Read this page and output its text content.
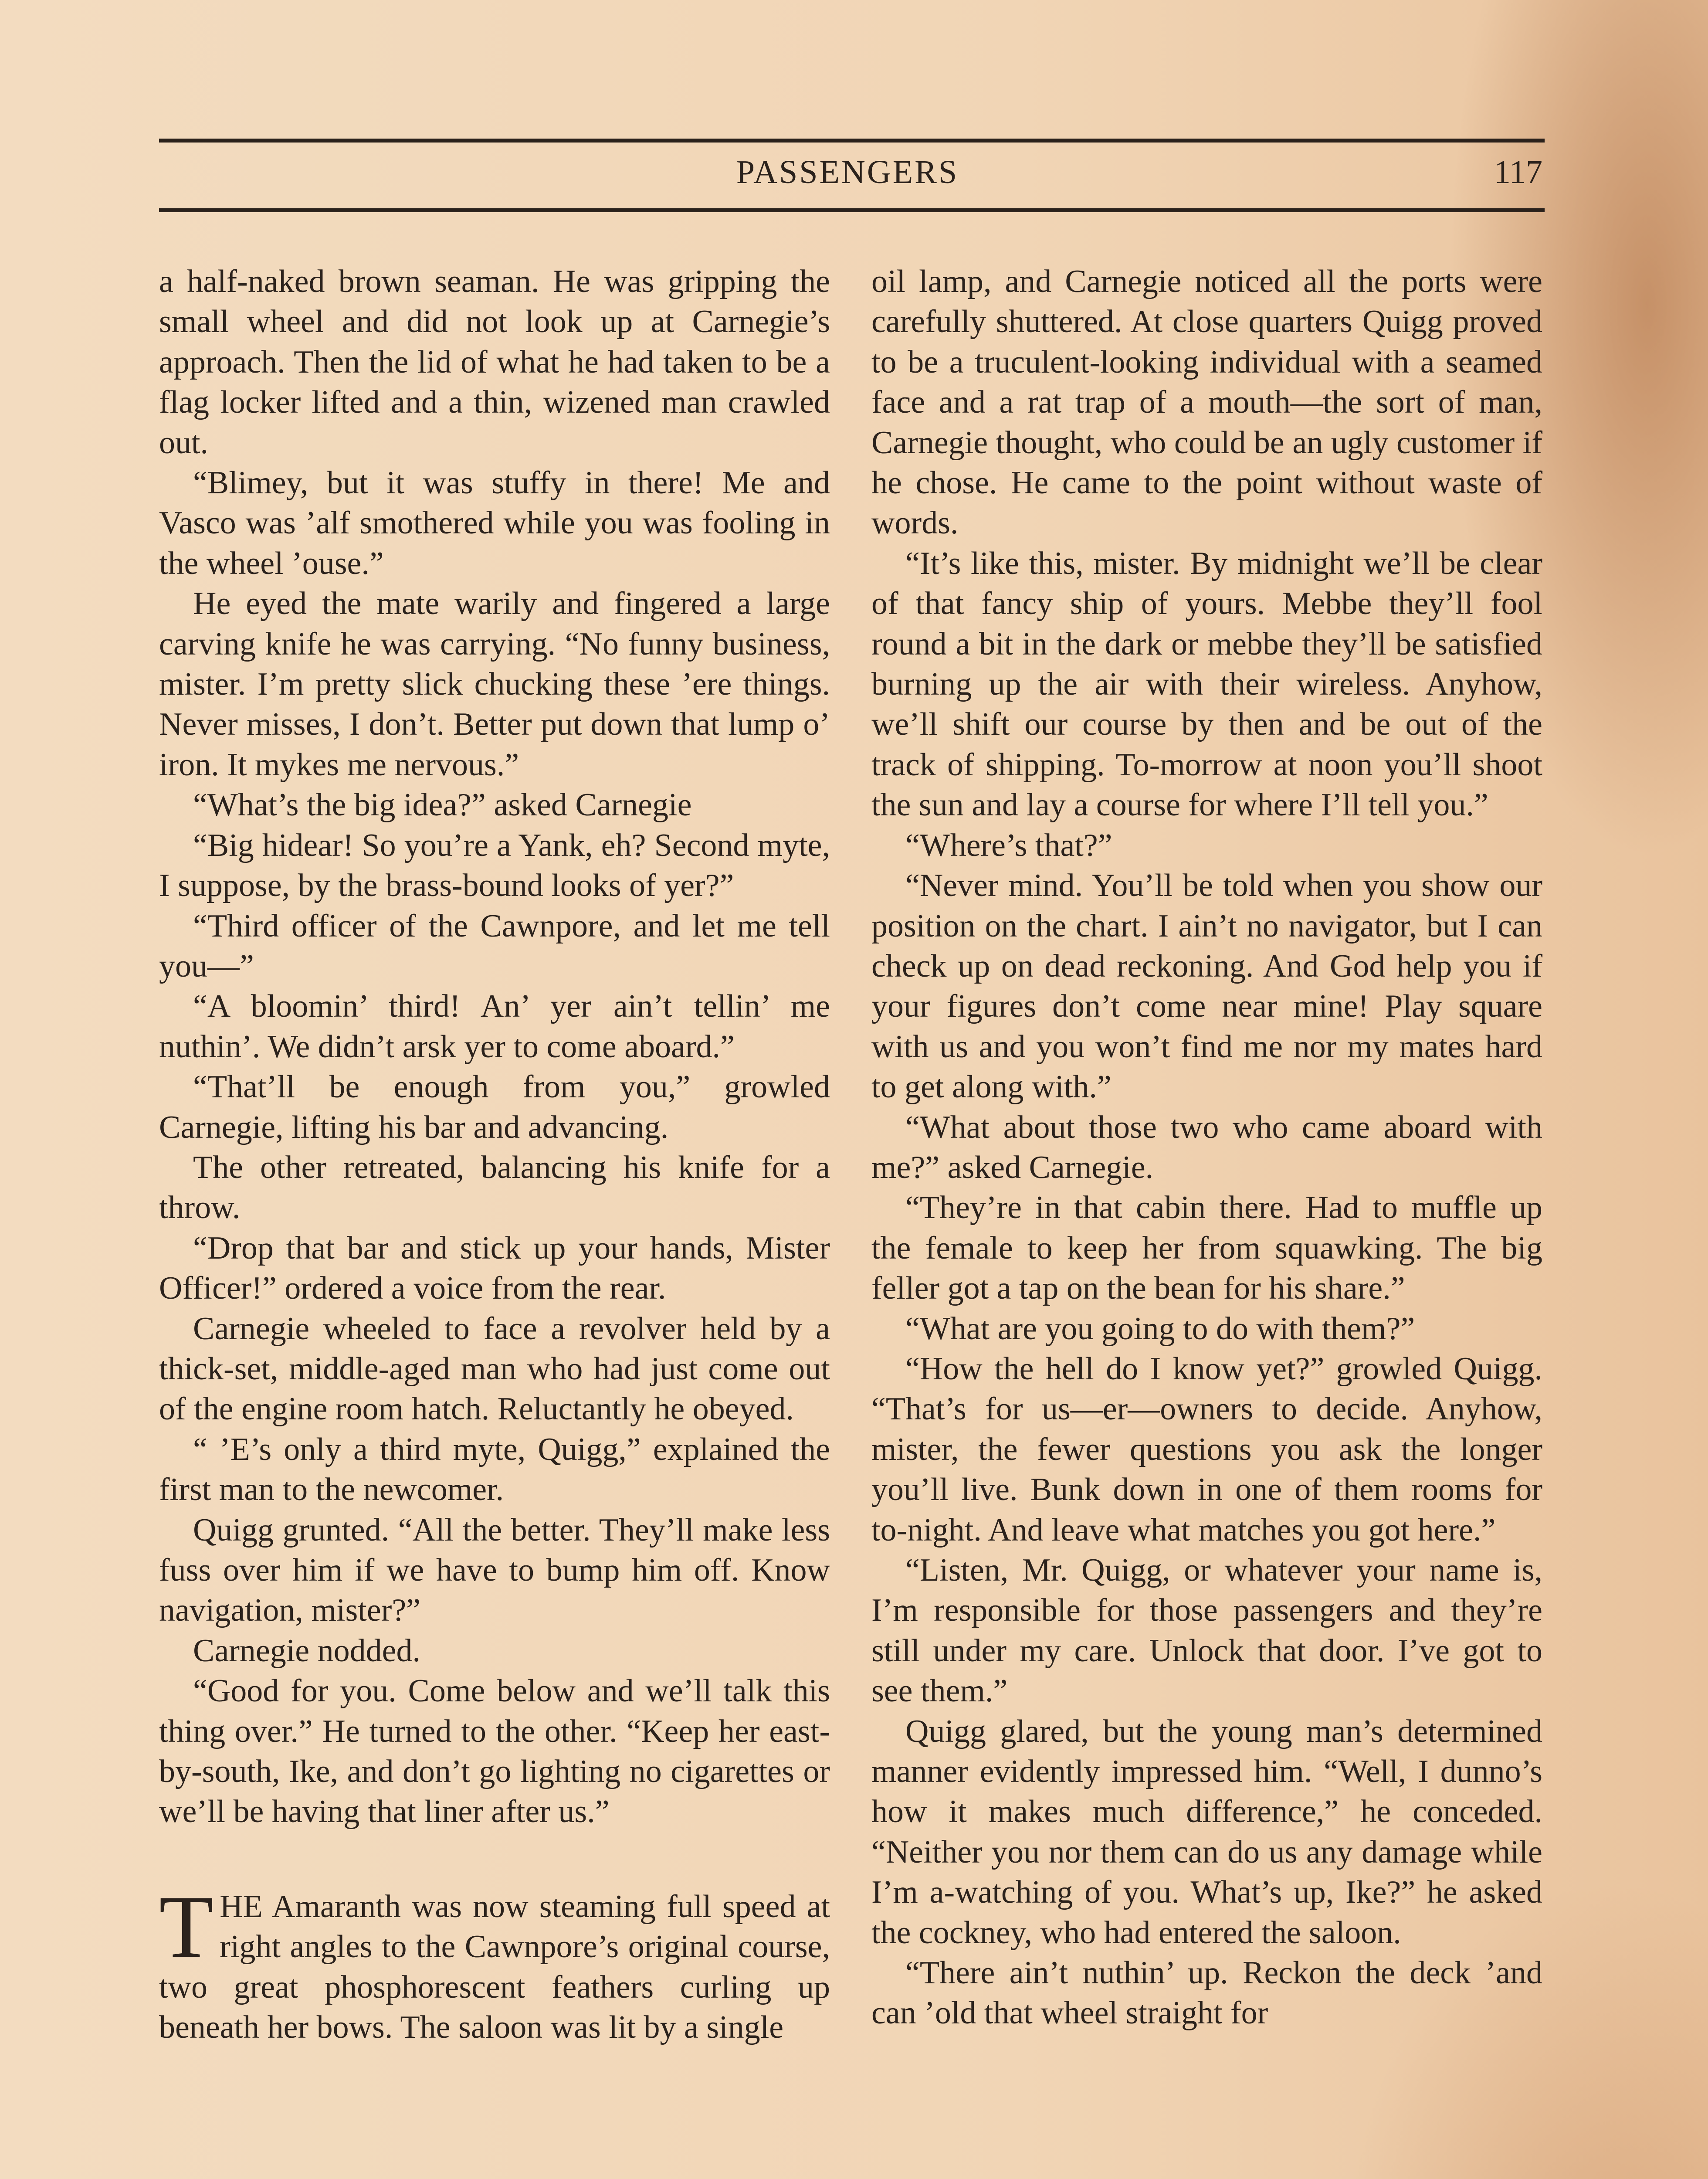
PASSENGERS	117

a half-naked brown seaman. He was gripping the small wheel and did not look up at Carnegie’s approach. Then the lid of what he had taken to be a flag locker lifted and a thin, wizened man crawled out.

“Blimey, but it was stuffy in there! Me and Vasco was ’alf smothered while you was fooling in the wheel ’ouse.”

He eyed the mate warily and fingered a large carving knife he was carrying. “No funny business, mister. I’m pretty slick chucking these ’ere things. Never misses, I don’t. Better put down that lump o’ iron. It mykes me nervous.”

“What’s the big idea?” asked Carnegie

“Big hidear! So you’re a Yank, eh? Second myte, I suppose, by the brass-bound looks of yer?”

“Third officer of the Cawnpore, and let me tell you—”

“A bloomin’ third! An’ yer ain’t tellin’ me nuthin’. We didn’t arsk yer to come aboard.”

“That’ll be enough from you,” growled Carnegie, lifting his bar and advancing.

The other retreated, balancing his knife for a throw.

“Drop that bar and stick up your hands, Mister Officer!” ordered a voice from the rear.

Carnegie wheeled to face a revolver held by a thick-set, middle-aged man who had just come out of the engine room hatch. Reluctantly he obeyed.

“ ’E’s only a third myte, Quigg,” explained the first man to the newcomer.

Quigg grunted. “All the better. They’ll make less fuss over him if we have to bump him off. Know navigation, mister?”

Carnegie nodded.

“Good for you. Come below and we’ll talk this thing over.” He turned to the other. “Keep her east-by-south, Ike, and don’t go lighting no cigarettes or we’ll be having that liner after us.”

THE Amaranth was now steaming full speed at right angles to the Cawnpore’s original course, two great phosphorescent feathers curling up beneath her bows. The saloon was lit by a single

oil lamp, and Carnegie noticed all the ports were carefully shuttered. At close quarters Quigg proved to be a truculent-looking individual with a seamed face and a rat trap of a mouth—the sort of man, Carnegie thought, who could be an ugly customer if he chose. He came to the point without waste of words.

“It’s like this, mister. By midnight we’ll be clear of that fancy ship of yours. Mebbe they’ll fool round a bit in the dark or mebbe they’ll be satisfied burning up the air with their wireless. Anyhow, we’ll shift our course by then and be out of the track of shipping. To-morrow at noon you’ll shoot the sun and lay a course for where I’ll tell you.”

“Where’s that?”

“Never mind. You’ll be told when you show our position on the chart. I ain’t no navigator, but I can check up on dead reckoning. And God help you if your figures don’t come near mine! Play square with us and you won’t find me nor my mates hard to get along with.”

“What about those two who came aboard with me?” asked Carnegie.

“They’re in that cabin there. Had to muffle up the female to keep her from squawking. The big feller got a tap on the bean for his share.”

“What are you going to do with them?”

“How the hell do I know yet?” growled Quigg. “That’s for us—er—owners to decide. Anyhow, mister, the fewer questions you ask the longer you’ll live. Bunk down in one of them rooms for to-night. And leave what matches you got here.”

“Listen, Mr. Quigg, or whatever your name is, I’m responsible for those passengers and they’re still under my care. Unlock that door. I’ve got to see them.”

Quigg glared, but the young man’s determined manner evidently impressed him. “Well, I dunno’s how it makes much difference,” he conceded. “Neither you nor them can do us any damage while I’m a-watching of you. What’s up, Ike?” he asked the cockney, who had entered the saloon.

“There ain’t nuthin’ up. Reckon the deck ’and can ’old that wheel straight for
